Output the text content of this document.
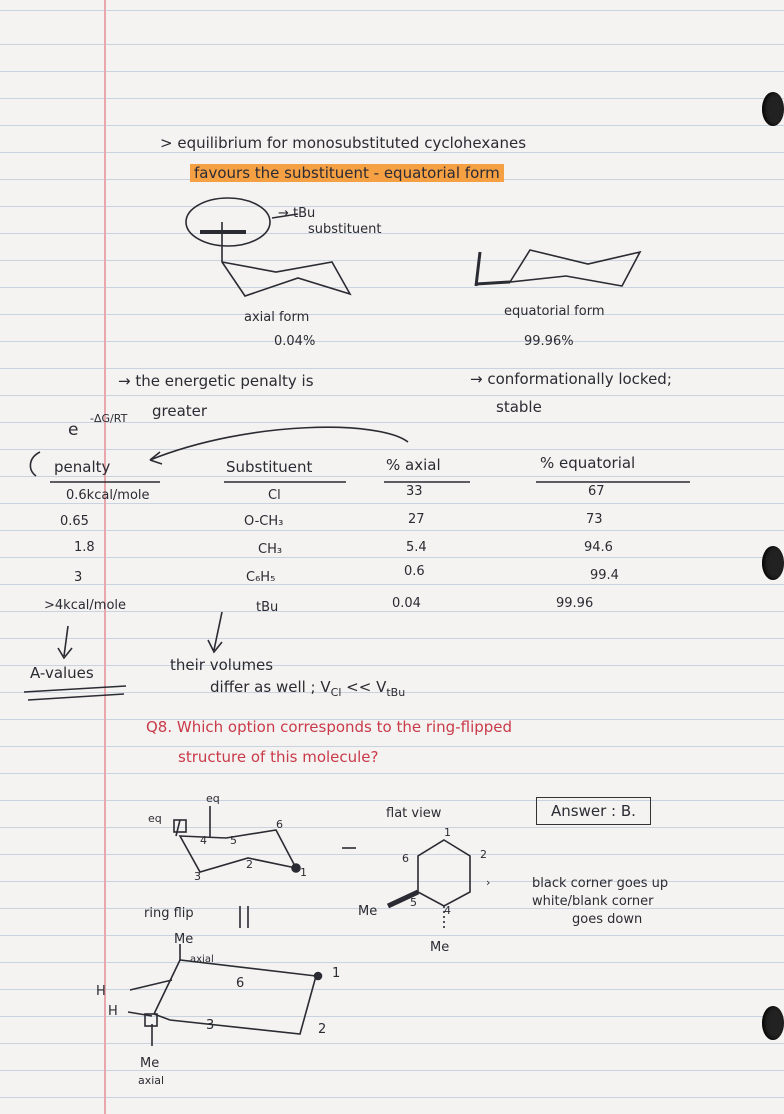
> equilibrium for monosubstituted cyclohexanes
favours the substituent - equatorial form
→ tBu
substituent
axial form
0.04%
equatorial form
99.96%
→ the energetic penalty is
greater
→ conformationally locked;
stable
e
-ΔG/RT
penalty	Substituent	% axial	% equatorial
0.6kcal/mole	Cl	33	67
0.65	O-CH₃	27	73
1.8	CH₃	5.4	94.6
3	C₆H₅	0.6	99.4
>4kcal/mole	tBu	0.04	99.96
A-values	their volumes
differ as well ; $V_{Cl} << V_{tBu}$
Q8. Which option corresponds to the ring-flipped
structure of this molecule?
eq
eq	flat view	Answer : B.
Me
Me
black corner goes up
white/blank corner
goes down
ring flip
Me
axial
H
H
Me
axial
1
2
3
4 5
6
1
2
›
4
5
6
1
2
3
6
